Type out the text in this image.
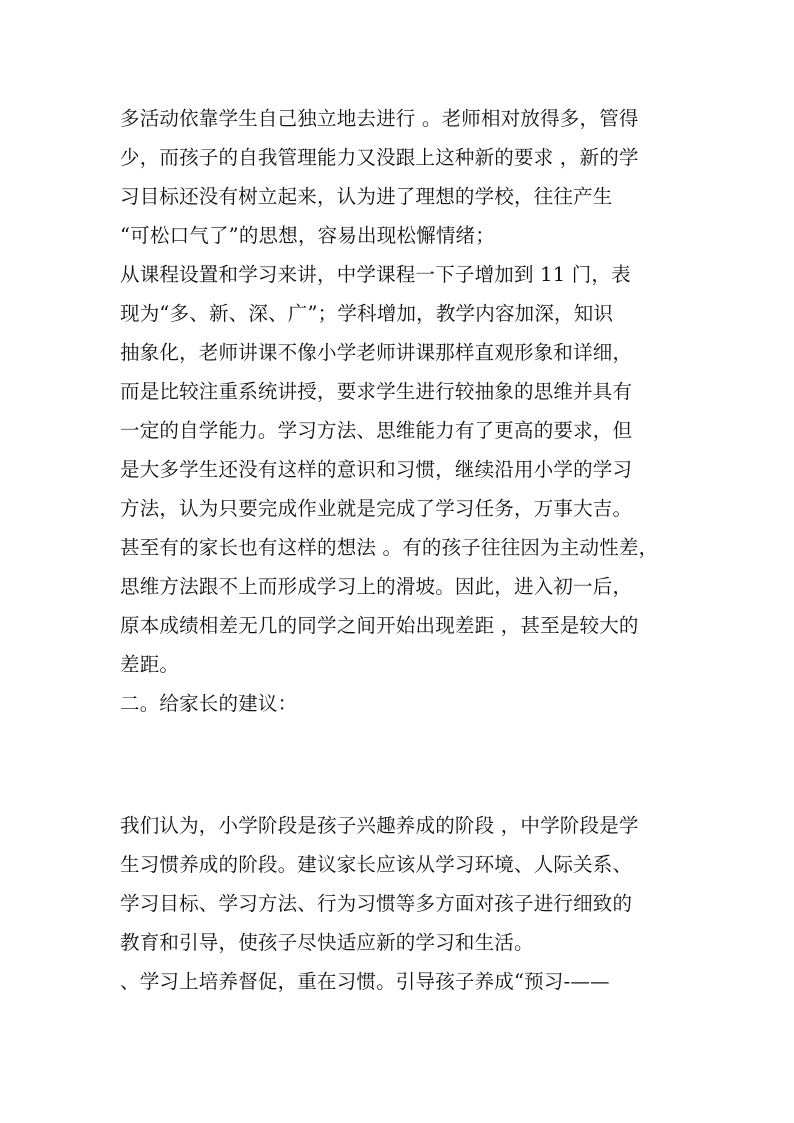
多活动依靠学生自己独立地去进行 。老师相对放得多，管得
少，而孩子的自我管理能力又没跟上这种新的要求 ，新的学
习目标还没有树立起来，认为进了理想的学校，往往产生
“可松口气了”的思想，容易出现松懈情绪；
从课程设置和学习来讲，中学课程一下子增加到 11 门，表
现为“多、新、深、广”；学科增加，教学内容加深，知识
抽象化，老师讲课不像小学老师讲课那样直观形象和详细，
而是比较注重系统讲授，要求学生进行较抽象的思维并具有
一定的自学能力。学习方法、思维能力有了更高的要求，但
是大多学生还没有这样的意识和习惯，继续沿用小学的学习
方法，认为只要完成作业就是完成了学习任务，万事大吉。
甚至有的家长也有这样的想法 。有的孩子往往因为主动性差，
思维方法跟不上而形成学习上的滑坡。因此，进入初一后，
原本成绩相差无几的同学之间开始出现差距 ，甚至是较大的
差距。
二。给家长的建议：
我们认为，小学阶段是孩子兴趣养成的阶段 ，中学阶段是学
生习惯养成的阶段。建议家长应该从学习环境、人际关系、
学习目标、学习方法、行为习惯等多方面对孩子进行细致的
教育和引导，使孩子尽快适应新的学习和生活。
、学习上培养督促，重在习惯。引导孩子养成“预习-——
